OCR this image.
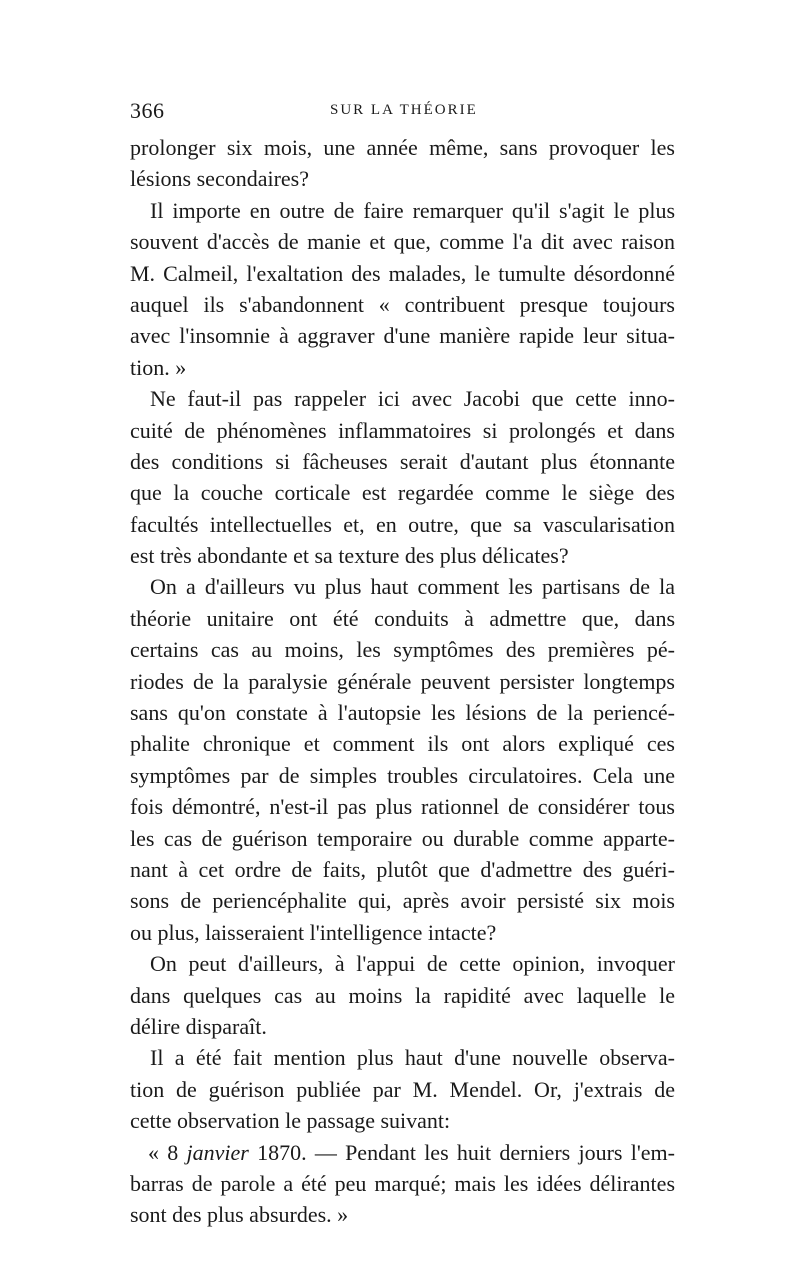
366	SUR LA THÉORIE
prolonger six mois, une année même, sans provoquer les
lésions secondaires?
Il importe en outre de faire remarquer qu'il s'agit le plus
souvent d'accès de manie et que, comme l'a dit avec raison
M. Calmeil, l'exaltation des malades, le tumulte désordonné
auquel ils s'abandonnent « contribuent presque toujours
avec l'insomnie à aggraver d'une manière rapide leur situa-
tion. »
Ne faut-il pas rappeler ici avec Jacobi que cette inno-
cuité de phénomènes inflammatoires si prolongés et dans
des conditions si fâcheuses serait d'autant plus étonnante
que la couche corticale est regardée comme le siège des
facultés intellectuelles et, en outre, que sa vascularisation
est très abondante et sa texture des plus délicates?
On a d'ailleurs vu plus haut comment les partisans de la
théorie unitaire ont été conduits à admettre que, dans
certains cas au moins, les symptômes des premières pé-
riodes de la paralysie générale peuvent persister longtemps
sans qu'on constate à l'autopsie les lésions de la periencé-
phalite chronique et comment ils ont alors expliqué ces
symptômes par de simples troubles circulatoires. Cela une
fois démontré, n'est-il pas plus rationnel de considérer tous
les cas de guérison temporaire ou durable comme apparte-
nant à cet ordre de faits, plutôt que d'admettre des guéri-
sons de periencéphalite qui, après avoir persisté six mois
ou plus, laisseraient l'intelligence intacte?
On peut d'ailleurs, à l'appui de cette opinion, invoquer
dans quelques cas au moins la rapidité avec laquelle le
délire disparaît.
Il a été fait mention plus haut d'une nouvelle observa-
tion de guérison publiée par M. Mendel. Or, j'extrais de
cette observation le passage suivant:
« 8 janvier 1870. — Pendant les huit derniers jours l'em-
barras de parole a été peu marqué; mais les idées délirantes
sont des plus absurdes. »
